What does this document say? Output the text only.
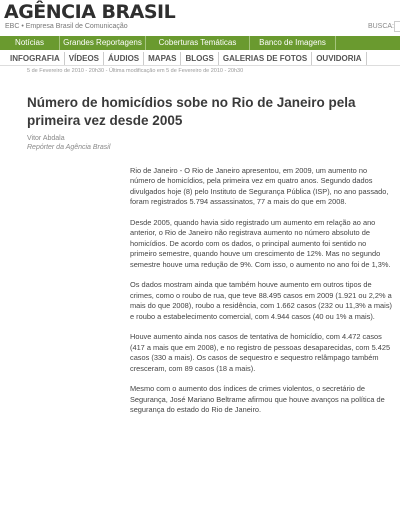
AGÊNCIA BRASIL
EBC • Empresa Brasil de Comunicação	BUSCA:
Notícias	Grandes Reportagens	Coberturas Temáticas	Banco de Imagens
INFOGRAFIA	VÍDEOS	ÁUDIOS	MAPAS	BLOGS	GALERIAS DE FOTOS	OUVIDORIA
5 de Fevereiro de 2010 - 20h30 - Última modificação em 5 de Fevereiro de 2010 - 20h30
Número de homicídios sobe no Rio de Janeiro pela primeira vez desde 2005
Vitor Abdala
Repórter da Agência Brasil

Rio de Janeiro - O Rio de Janeiro apresentou, em 2009, um aumento no número de homicídios, pela primeira vez em quatro anos. Segundo dados divulgados hoje (8) pelo Instituto de Segurança Pública (ISP), no ano passado, foram registrados 5.794 assassinatos, 77 a mais do que em 2008.

Desde 2005, quando havia sido registrado um aumento em relação ao ano anterior, o Rio de Janeiro não registrava aumento no número absoluto de homicídios. De acordo com os dados, o principal aumento foi sentido no primeiro semestre, quando houve um crescimento de 12%. Mas no segundo semestre houve uma redução de 9%. Com isso, o aumento no ano foi de 1,3%.

Os dados mostram ainda que também houve aumento em outros tipos de crimes, como o roubo de rua, que teve 88.495 casos em 2009 (1.921 ou 2,2% a mais do que 2008), roubo a residência, com 1.662 casos (232 ou 11,3% a mais) e roubo a estabelecimento comercial, com 4.944 casos (40 ou 1% a mais).

Houve aumento ainda nos casos de tentativa de homicídio, com 4.472 casos (417 a mais que em 2008), e no registro de pessoas desaparecidas, com 5.425 casos (330 a mais). Os casos de sequestro e sequestro relâmpago também cresceram, com 89 casos (18 a mais).

Mesmo com o aumento dos índices de crimes violentos, o secretário de Segurança, José Mariano Beltrame afirmou que houve avanços na política de segurança do estado do Rio de Janeiro.
